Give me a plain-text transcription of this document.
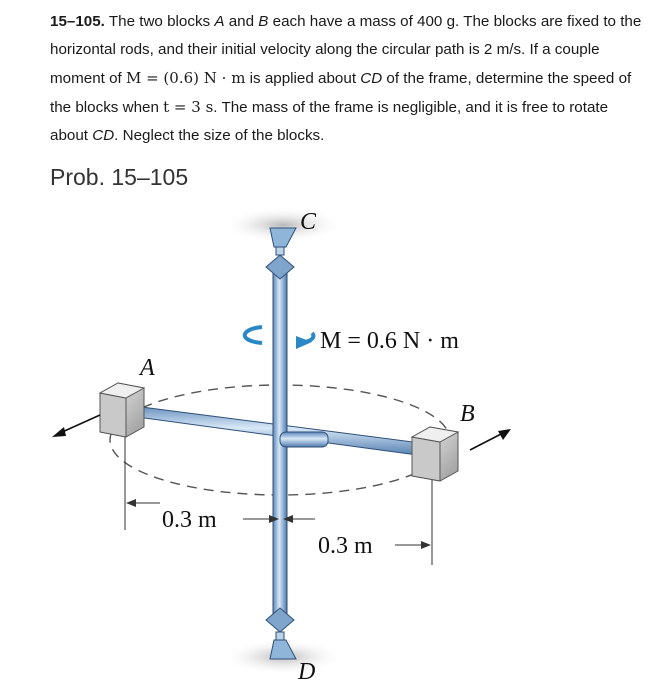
15–105. The two blocks A and B each have a mass of 400 g. The blocks are fixed to the horizontal rods, and their initial velocity along the circular path is 2 m/s. If a couple moment of M = (0.6) N · m is applied about CD of the frame, determine the speed of the blocks when t = 3 s. The mass of the frame is negligible, and it is free to rotate about CD. Neglect the size of the blocks.

Prob. 15–105
C
D
A
B
M = 0.6 N · m
0.3 m
0.3 m
